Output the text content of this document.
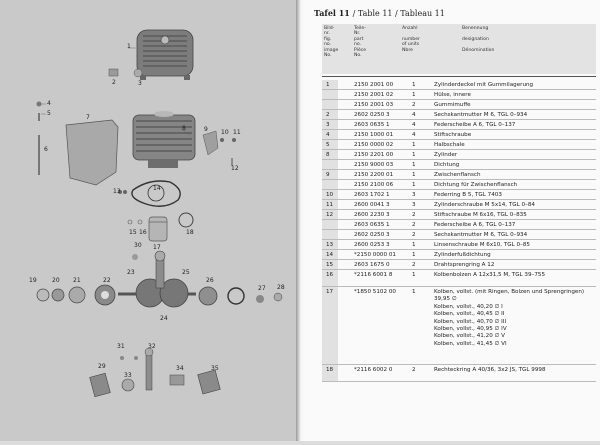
1
2	3
4
5
6
7
8	9 10 11
12
13	14
15 16
17
18
19	20 21	22
23
24
25
26
27 28
29
30
31	32
33
34	35
Tafel 11 / Table 11 / Tableau 11
Bild-
nr.
fig.
no.
image
No.
Teile-
Nr.
part
no.
Pièce
No.
Anzahl

number
of units
Nbre
Benennung

designation

Dénomination
1	2150 2001 00	1	Zylinderdeckel mit Gummilagerung
2150 2001 02	1	Hülse, innere
2150 2001 03	2	Gummimuffe
2	2602 0250 3	4	Sechskantmutter M 6, TGL 0–934
3	2603 0635 1	4	Federscheibe A 6, TGL 0–137
4	2150 1000 01	4	Stiftschraube
5	2150 0000 02	1	Halbschale
8	2150 2201 00	1	Zylinder
2150 9000 03	1	Dichtung
9	2150 2200 01	1	Zwischenflansch
2150 2100 06	1	Dichtung für Zwischenflansch
10	2603 1702 1	3	Federring B 5, TGL 7403
11	2600 0041 3	3	Zylinderschraube M 5x14, TGL 0–84
12	2600 2230 3	2	Stiftschraube M 6x16, TGL 0–835
2603 0635 1	2	Federscheibe A 6, TGL 0–137
2602 0250 3	2	Sechskantmutter M 6, TGL 0–934
13	2600 0253 3	1	Linsenschraube M 6x10, TGL 0–85
14	*2150 0000 01	1	Zylinderfußdichtung
15	2603 1675 0	2	Drahtsprengring A 12
16	*2116 6001 8	1	Kolbenbolzen A 12x31,5 M, TGL 39–755
17	*1850 5102 00	1	Kolben, vollst. (mit Ringen, Bolzen und Sprengringen) 39,95 ∅
Kolben, vollst., 40,20 ∅ I
Kolben, vollst., 40,45 ∅ II
Kolben, vollst., 40,70 ∅ III
Kolben, vollst., 40,95 ∅ IV
Kolben, vollst., 41,20 ∅ V
Kolben, vollst., 41,45 ∅ VI
18	*2116 6002 0	2	Rechteckring A 40/36, 3x2 JS, TGL 9998
